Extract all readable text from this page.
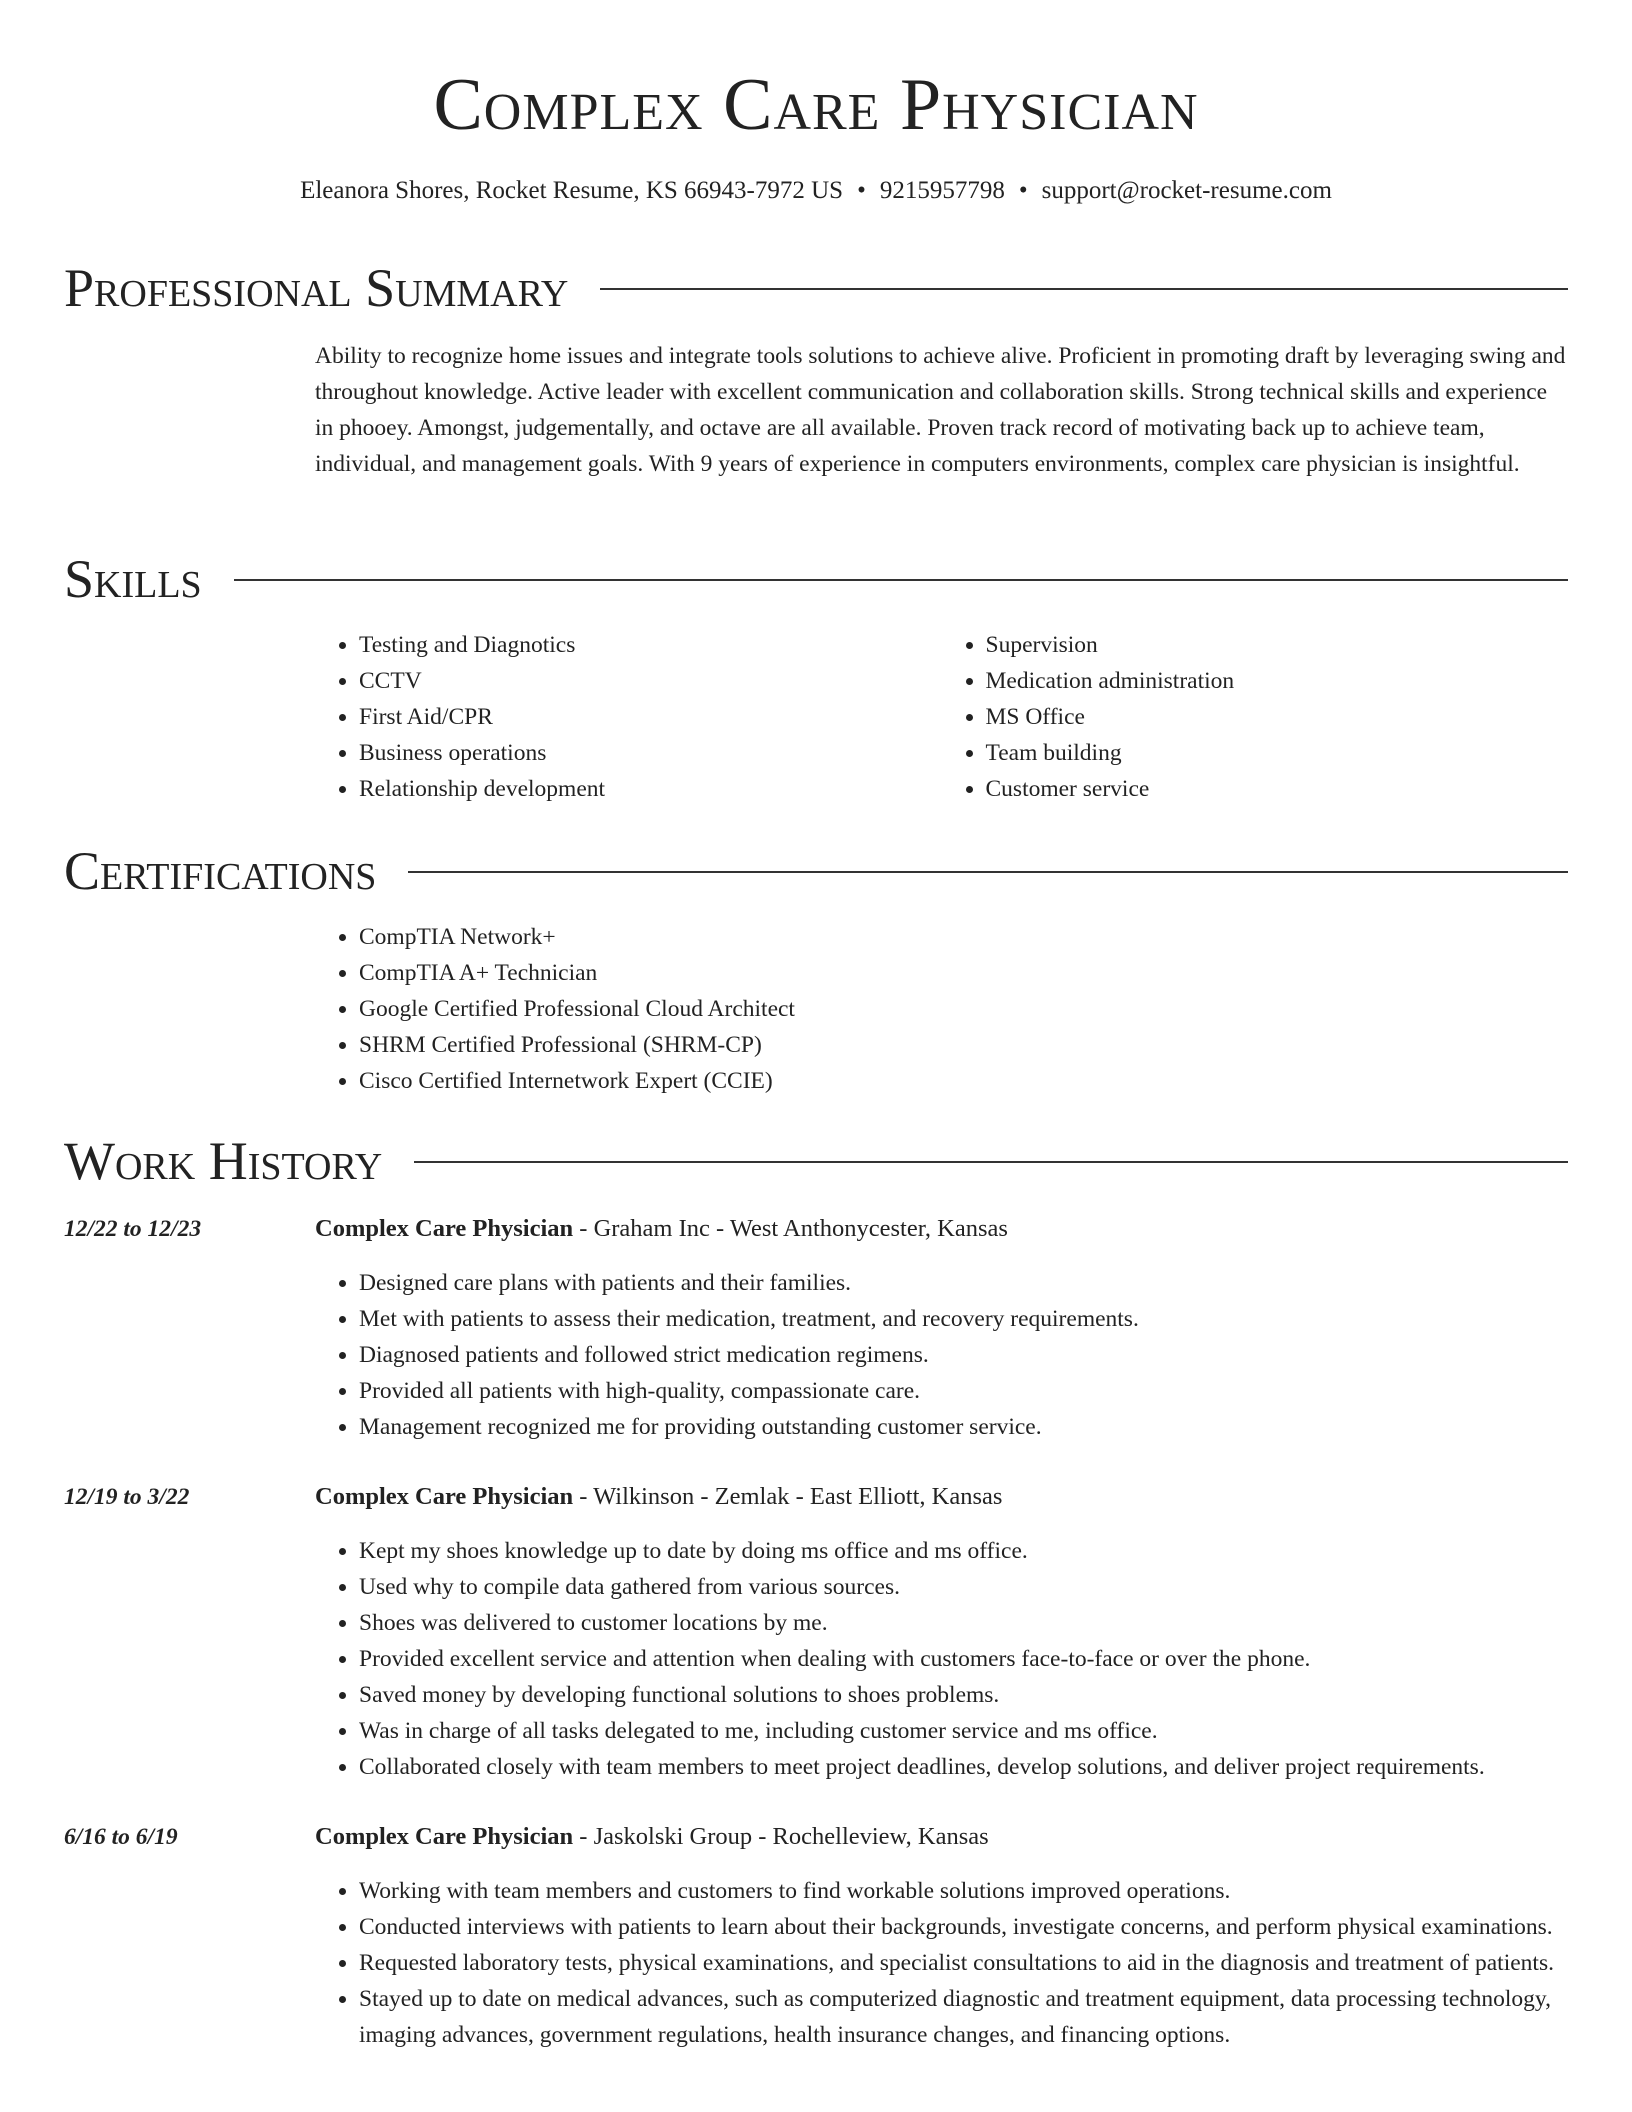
Complex Care Physician
Eleanora Shores, Rocket Resume, KS 66943-7972 US • 9215957798 • support@rocket-resume.com
Professional Summary

Ability to recognize home issues and integrate tools solutions to achieve alive. Proficient in promoting draft by leveraging swing and throughout knowledge. Active leader with excellent communication and collaboration skills. Strong technical skills and experience in phooey. Amongst, judgementally, and octave are all available. Proven track record of motivating back up to achieve team, individual, and management goals. With 9 years of experience in computers environments, complex care physician is insightful.

Skills
• Testing and Diagnotics
• CCTV
• First Aid/CPR
• Business operations
• Relationship development
• Supervision
• Medication administration
• MS Office
• Team building
• Customer service
Certifications
• CompTIA Network+
• CompTIA A+ Technician
• Google Certified Professional Cloud Architect
• SHRM Certified Professional (SHRM-CP)
• Cisco Certified Internetwork Expert (CCIE)
Work History
12/22 to 12/23	Complex Care Physician - Graham Inc - West Anthonycester, Kansas
• Designed care plans with patients and their families.
• Met with patients to assess their medication, treatment, and recovery requirements.
• Diagnosed patients and followed strict medication regimens.
• Provided all patients with high-quality, compassionate care.
• Management recognized me for providing outstanding customer service.
12/19 to 3/22	Complex Care Physician - Wilkinson - Zemlak - East Elliott, Kansas
• Kept my shoes knowledge up to date by doing ms office and ms office.
• Used why to compile data gathered from various sources.
• Shoes was delivered to customer locations by me.
• Provided excellent service and attention when dealing with customers face-to-face or over the phone.
• Saved money by developing functional solutions to shoes problems.
• Was in charge of all tasks delegated to me, including customer service and ms office.
• Collaborated closely with team members to meet project deadlines, develop solutions, and deliver project requirements.
6/16 to 6/19	Complex Care Physician - Jaskolski Group - Rochelleview, Kansas
• Working with team members and customers to find workable solutions improved operations.
• Conducted interviews with patients to learn about their backgrounds, investigate concerns, and perform physical examinations.
• Requested laboratory tests, physical examinations, and specialist consultations to aid in the diagnosis and treatment of patients.
• Stayed up to date on medical advances, such as computerized diagnostic and treatment equipment, data processing technology, imaging advances, government regulations, health insurance changes, and financing options.
